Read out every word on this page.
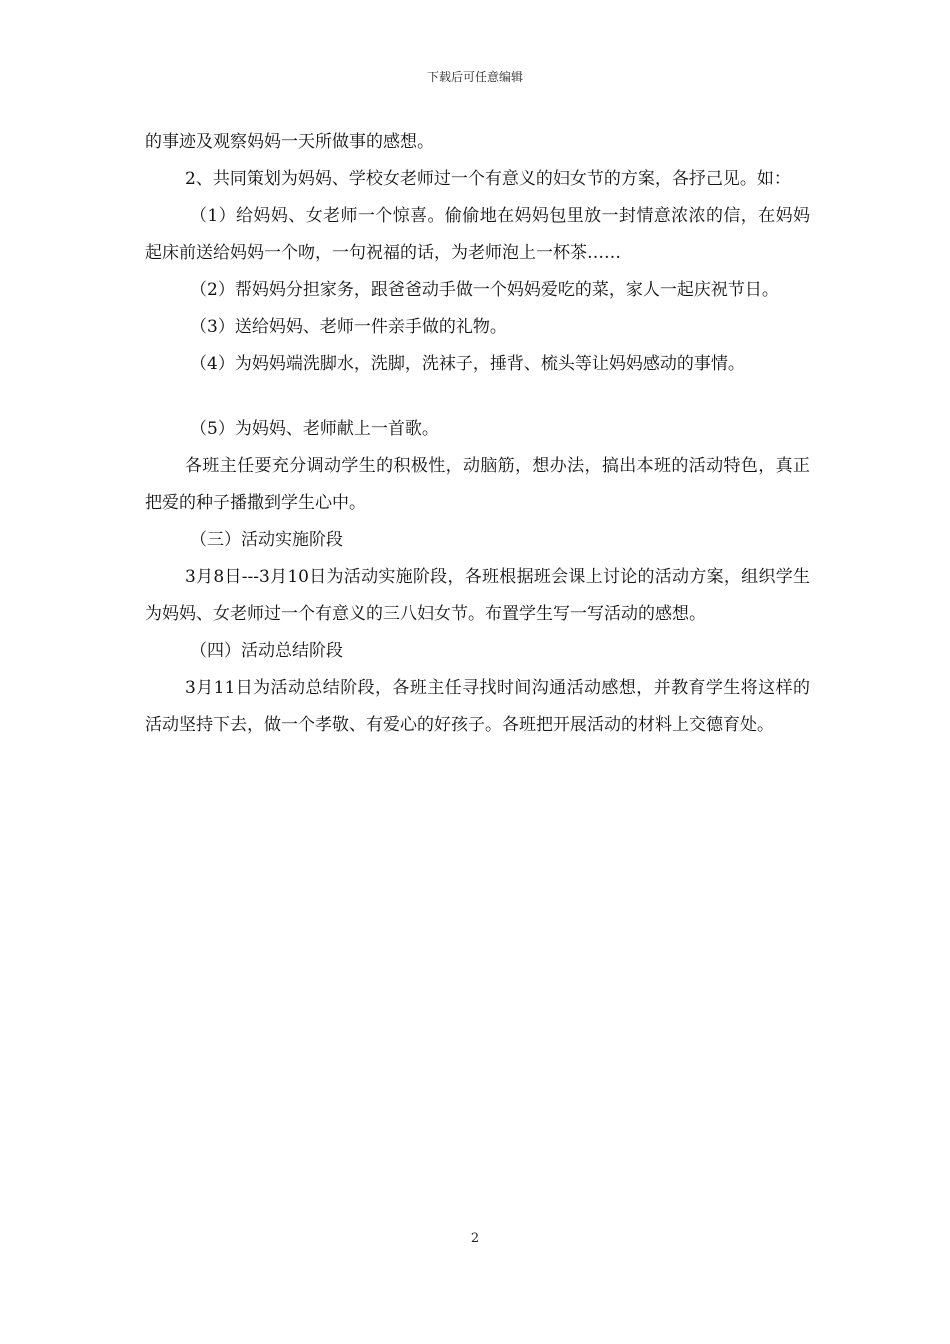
下载后可任意编辑

的事迹及观察妈妈一天所做事的感想。

2、共同策划为妈妈、学校女老师过一个有意义的妇女节的方案，各抒己见。如：

（1）给妈妈、女老师一个惊喜。偷偷地在妈妈包里放一封情意浓浓的信，在妈妈起床前送给妈妈一个吻，一句祝福的话，为老师泡上一杯茶……

（2）帮妈妈分担家务，跟爸爸动手做一个妈妈爱吃的菜，家人一起庆祝节日。

（3）送给妈妈、老师一件亲手做的礼物。

（4）为妈妈端洗脚水，洗脚，洗袜子，捶背、梳头等让妈妈感动的事情。

（5）为妈妈、老师献上一首歌。

各班主任要充分调动学生的积极性，动脑筋，想办法，搞出本班的活动特色，真正把爱的种子播撒到学生心中。

（三）活动实施阶段

3月8日---3月10日为活动实施阶段，各班根据班会课上讨论的活动方案，组织学生为妈妈、女老师过一个有意义的三八妇女节。布置学生写一写活动的感想。

（四）活动总结阶段

3月11日为活动总结阶段，各班主任寻找时间沟通活动感想，并教育学生将这样的活动坚持下去，做一个孝敬、有爱心的好孩子。各班把开展活动的材料上交德育处。

2
